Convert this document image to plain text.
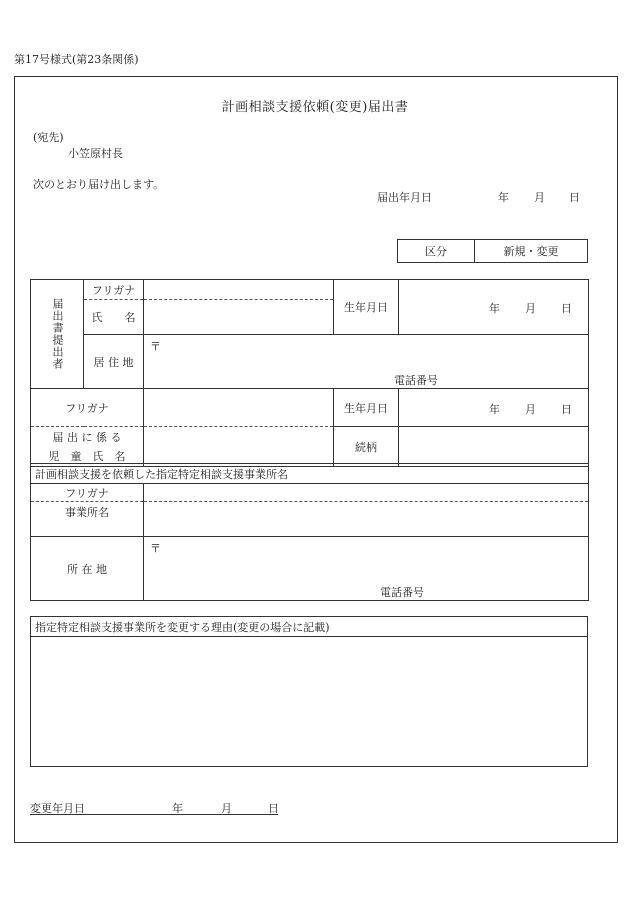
第17号様式(第23条関係)
計画相談支援依頼(変更)届出書
(宛先)
小笠原村長
次のとおり届け出します。
届出年月日	年 月 日
区分	新規・変更
届出書提出者	フリガナ		生年月日	年 月 日

	氏　　名			
	居 住 地	〒
電話番号		

フリガナ			生年月日	年 月 日

届 出 に 係 る
児　童　氏　名			続柄	
計画相談支援を依頼した指定特定相談支援事業所名	
フリガナ	
事業所名	
所 在 地	〒
電話番号
指定特定相談支援事業所を変更する理由(変更の場合に記載)

変更年月日	年	月	日
